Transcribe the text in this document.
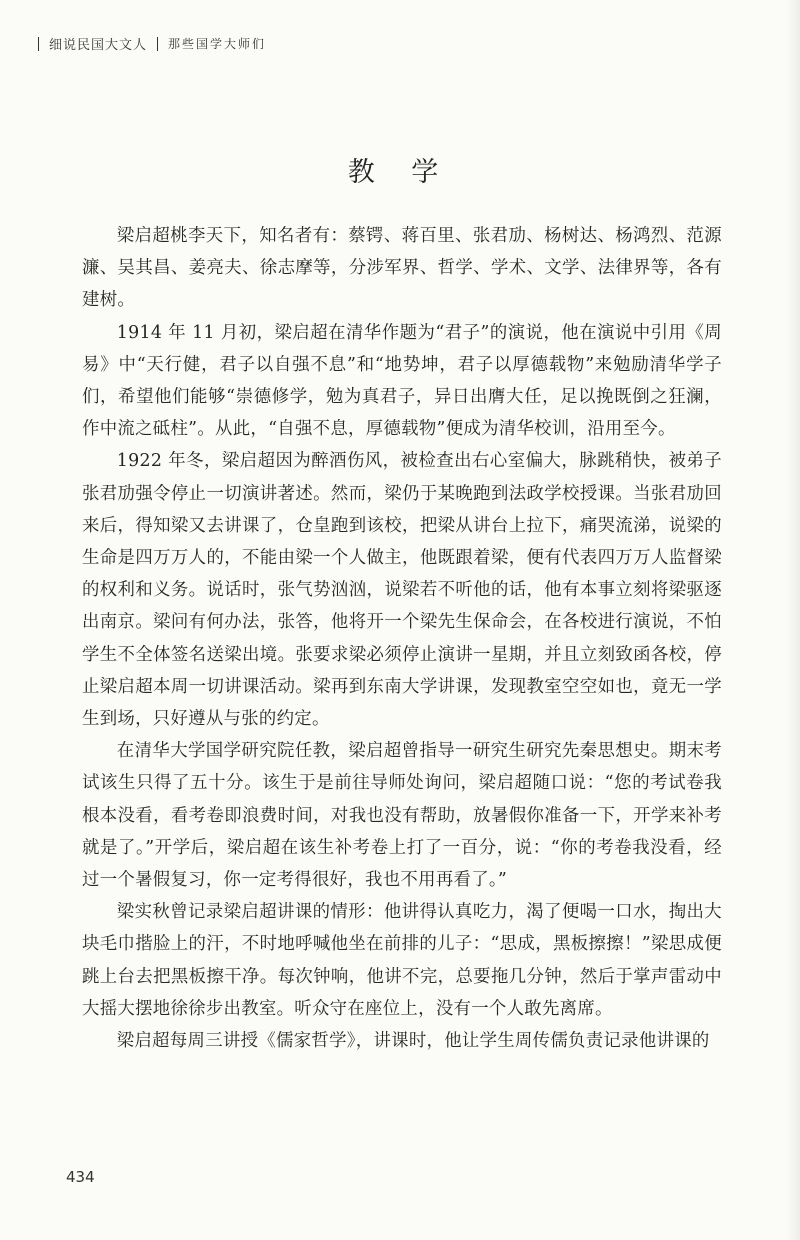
细说民国大文人 那些国学大师们
教 学

梁启超桃李天下，知名者有：蔡锷、蒋百里、张君劢、杨树达、杨鸿烈、范源濂、吴其昌、姜亮夫、徐志摩等，分涉军界、哲学、学术、文学、法律界等，各有建树。

1914 年 11 月初，梁启超在清华作题为“君子”的演说，他在演说中引用《周易》中“天行健，君子以自强不息”和“地势坤，君子以厚德载物”来勉励清华学子们，希望他们能够“崇德修学，勉为真君子，异日出膺大任，足以挽既倒之狂澜，作中流之砥柱”。从此，“自强不息，厚德载物”便成为清华校训，沿用至今。

1922 年冬，梁启超因为醉酒伤风，被检查出右心室偏大，脉跳稍快，被弟子张君劢强令停止一切演讲著述。然而，梁仍于某晚跑到法政学校授课。当张君劢回来后，得知梁又去讲课了，仓皇跑到该校，把梁从讲台上拉下，痛哭流涕，说梁的生命是四万万人的，不能由梁一个人做主，他既跟着梁，便有代表四万万人监督梁的权利和义务。说话时，张气势汹汹，说梁若不听他的话，他有本事立刻将梁驱逐出南京。梁问有何办法，张答，他将开一个梁先生保命会，在各校进行演说，不怕学生不全体签名送梁出境。张要求梁必须停止演讲一星期，并且立刻致函各校，停止梁启超本周一切讲课活动。梁再到东南大学讲课，发现教室空空如也，竟无一学生到场，只好遵从与张的约定。

在清华大学国学研究院任教，梁启超曾指导一研究生研究先秦思想史。期末考试该生只得了五十分。该生于是前往导师处询问，梁启超随口说：“您的考试卷我根本没看，看考卷即浪费时间，对我也没有帮助，放暑假你准备一下，开学来补考就是了。”开学后，梁启超在该生补考卷上打了一百分，说：“你的考卷我没看，经过一个暑假复习，你一定考得很好，我也不用再看了。”

梁实秋曾记录梁启超讲课的情形：他讲得认真吃力，渴了便喝一口水，掏出大块毛巾揩脸上的汗，不时地呼喊他坐在前排的儿子：“思成，黑板擦擦！”梁思成便跳上台去把黑板擦干净。每次钟响，他讲不完，总要拖几分钟，然后于掌声雷动中大摇大摆地徐徐步出教室。听众守在座位上，没有一个人敢先离席。

梁启超每周三讲授《儒家哲学》，讲课时，他让学生周传儒负责记录他讲课的

434
